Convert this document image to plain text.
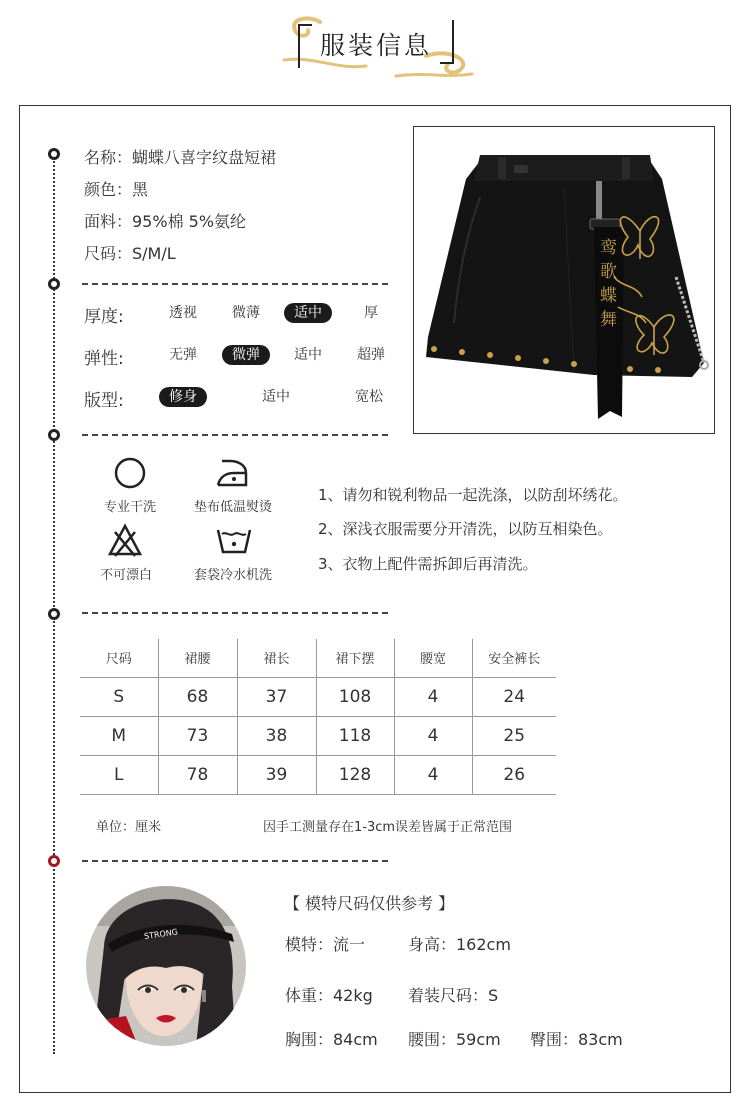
服装信息
名称：蝴蝶八喜字纹盘短裙
颜色：黑
面料：95%棉 5%氨纶
尺码：S/M/L
厚度:	透视	微薄	适中	厚
弹性:	无弹	微弹	适中	超弹
版型:	修身	适中	宽松
鸾
歌
蝶
舞
专业干洗	垫布低温熨烫
不可漂白	套袋冷水机洗
1、请勿和锐利物品一起洗涤，以防刮坏绣花。
2、深浅衣服需要分开清洗，以防互相染色。
3、衣物上配件需拆卸后再清洗。
尺码	裙腰	裙长	裙下摆	腰宽	安全裤长
S	68	37	108	4	24
M	73	38	118	4	25
L	78	39	128	4	26
单位：厘米	因手工测量存在1-3cm误差皆属于正常范围
STRONG
【 模特尺码仅供参考 】
模特：流一	身高：162cm
体重：42kg 着装尺码：S
胸围：84cm 腰围：59cm 臀围：83cm
